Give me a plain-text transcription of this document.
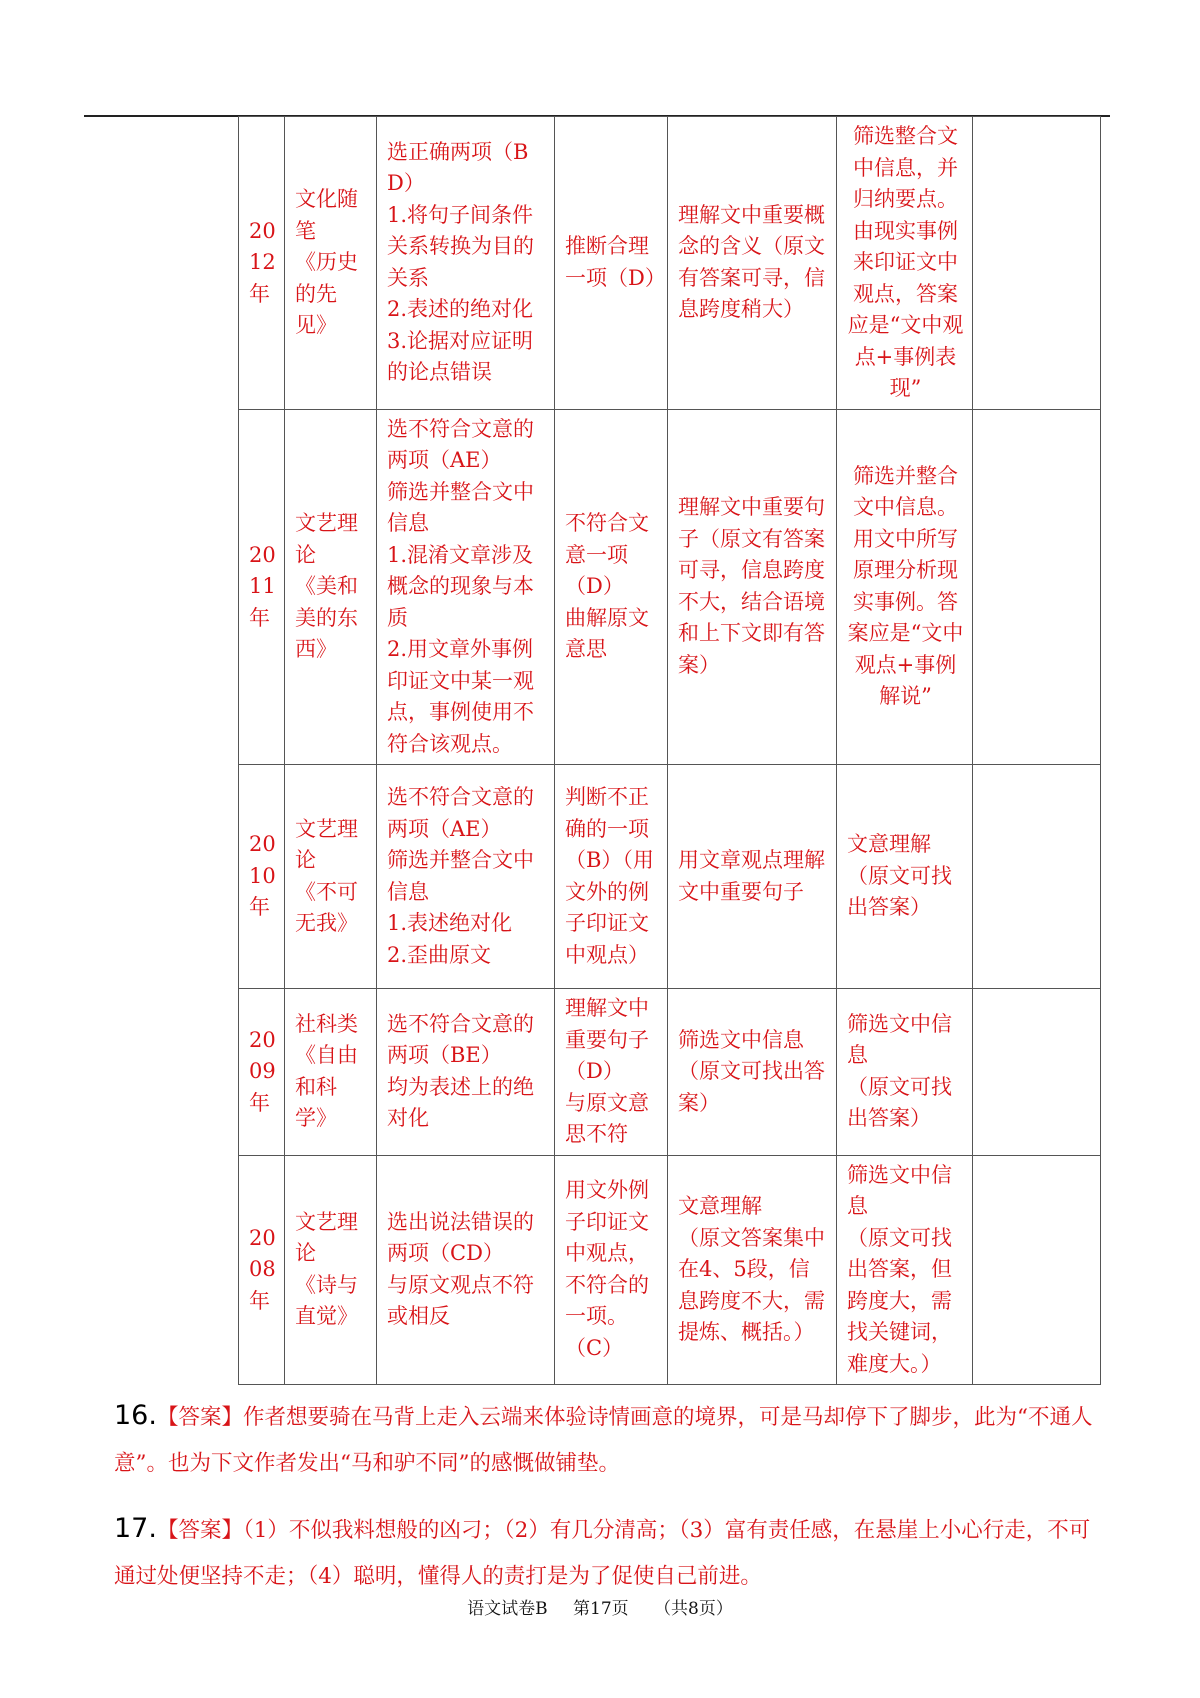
20
12
年	文化随
笔
《历史
的先
见》	选正确两项（BD）
1.将句子间条件关系转换为目的关系
2.表述的绝对化
3.论据对应证明的论点错误	推断合理一项（D）	理解文中重要概念的含义（原文有答案可寻，信息跨度稍大）	筛选整合文中信息，并归纳要点。由现实事例来印证文中观点，答案应是“文中观点+事例表现”	
20
11
年	文艺理
论
《美和
美的东
西》	选不符合文意的两项（AE）
筛选并整合文中信息
1.混淆文章涉及概念的现象与本质
2.用文章外事例印证文中某一观点，事例使用不符合该观点。	不符合文意一项（D）
曲解原文意思	理解文中重要句子（原文有答案可寻，信息跨度不大，结合语境和上下文即有答案）	筛选并整合文中信息。用文中所写原理分析现实事例。答案应是“文中观点+事例解说”	
20
10
年	文艺理
论
《不可
无我》	选不符合文意的两项（AE）
筛选并整合文中信息
1.表述绝对化
2.歪曲原文	判断不正确的一项（B）（用文外的例子印证文中观点）	用文章观点理解文中重要句子	文意理解
（原文可找出答案）	
20
09
年	社科类
《自由
和科
学》	选不符合文意的两项（BE）
均为表述上的绝对化	理解文中重要句子（D）
与原文意思不符	筛选文中信息
（原文可找出答案）	筛选文中信息
（原文可找出答案）	
20
08
年	文艺理
论
《诗与
直觉》	选出说法错误的两项（CD）
与原文观点不符或相反	用文外例子印证文中观点，不符合的一项。（C）	文意理解
（原文答案集中在4、5段，信息跨度不大，需提炼、概括。）	筛选文中信息
（原文可找出答案，但跨度大，需找关键词，难度大。）	
16.【答案】作者想要骑在马背上走入云端来体验诗情画意的境界，可是马却停下了脚步，此为“不通人意”。也为下文作者发出“马和驴不同”的感慨做铺垫。
17.【答案】（1）不似我料想般的凶刁；（2）有几分清高；（3）富有责任感，在悬崖上小心行走，不可通过处便坚持不走；（4）聪明，懂得人的责打是为了促使自己前进。
语文试卷B 第17页 （共8页）
